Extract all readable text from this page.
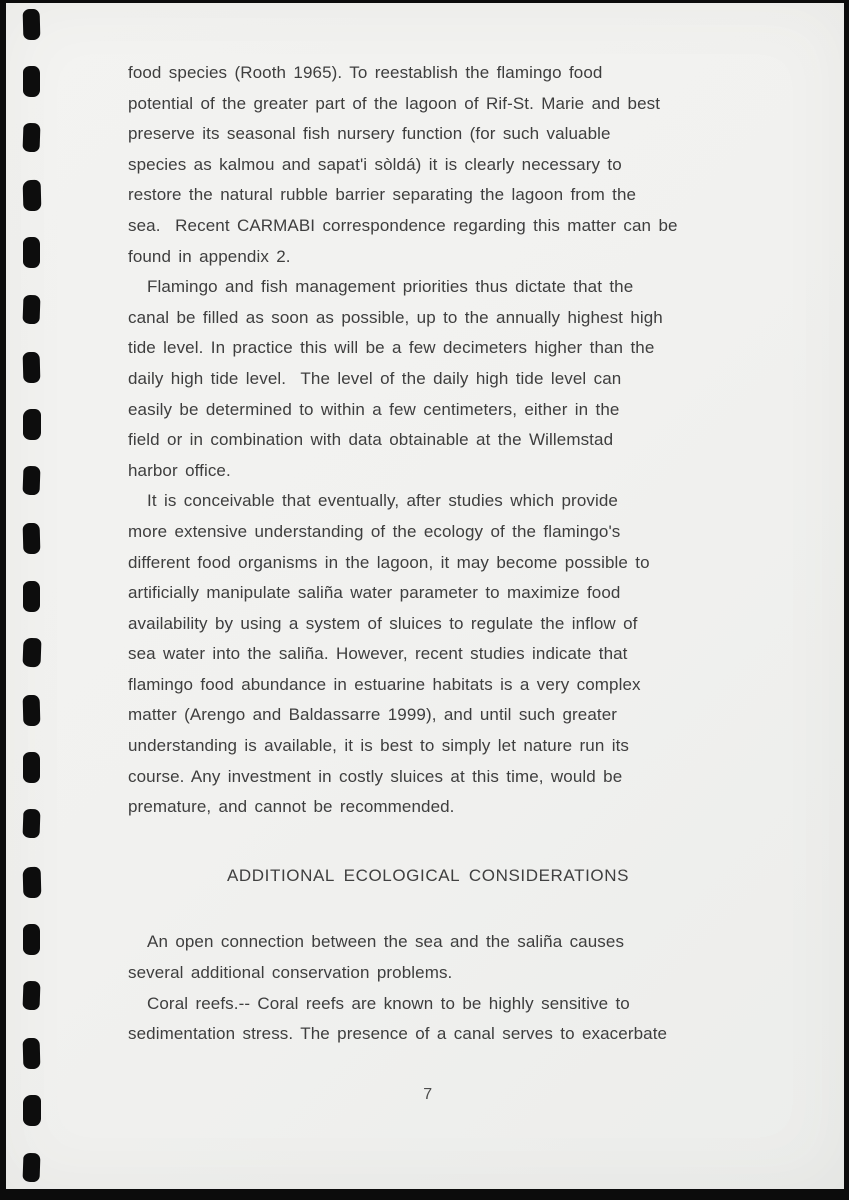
food species (Rooth 1965). To reestablish the flamingo food
potential of the greater part of the lagoon of Rif-St. Marie and best
preserve its seasonal fish nursery function (for such valuable
species as kalmou and sapat'i sòldá) it is clearly necessary to
restore the natural rubble barrier separating the lagoon from the
sea.  Recent CARMABI correspondence regarding this matter can be
found in appendix 2.
Flamingo and fish management priorities thus dictate that the
canal be filled as soon as possible, up to the annually highest high
tide level. In practice this will be a few decimeters higher than the
daily high tide level.  The level of the daily high tide level can
easily be determined to within a few centimeters, either in the
field or in combination with data obtainable at the Willemstad
harbor office.
It is conceivable that eventually, after studies which provide
more extensive understanding of the ecology of the flamingo's
different food organisms in the lagoon, it may become possible to
artificially manipulate saliña water parameter to maximize food
availability by using a system of sluices to regulate the inflow of
sea water into the saliña. However, recent studies indicate that
flamingo food abundance in estuarine habitats is a very complex
matter (Arengo and Baldassarre 1999), and until such greater
understanding is available, it is best to simply let nature run its
course. Any investment in costly sluices at this time, would be
premature, and cannot be recommended.
ADDITIONAL ECOLOGICAL CONSIDERATIONS
An open connection between the sea and the saliña causes
several additional conservation problems.
Coral reefs.-- Coral reefs are known to be highly sensitive to
sedimentation stress. The presence of a canal serves to exacerbate
7
